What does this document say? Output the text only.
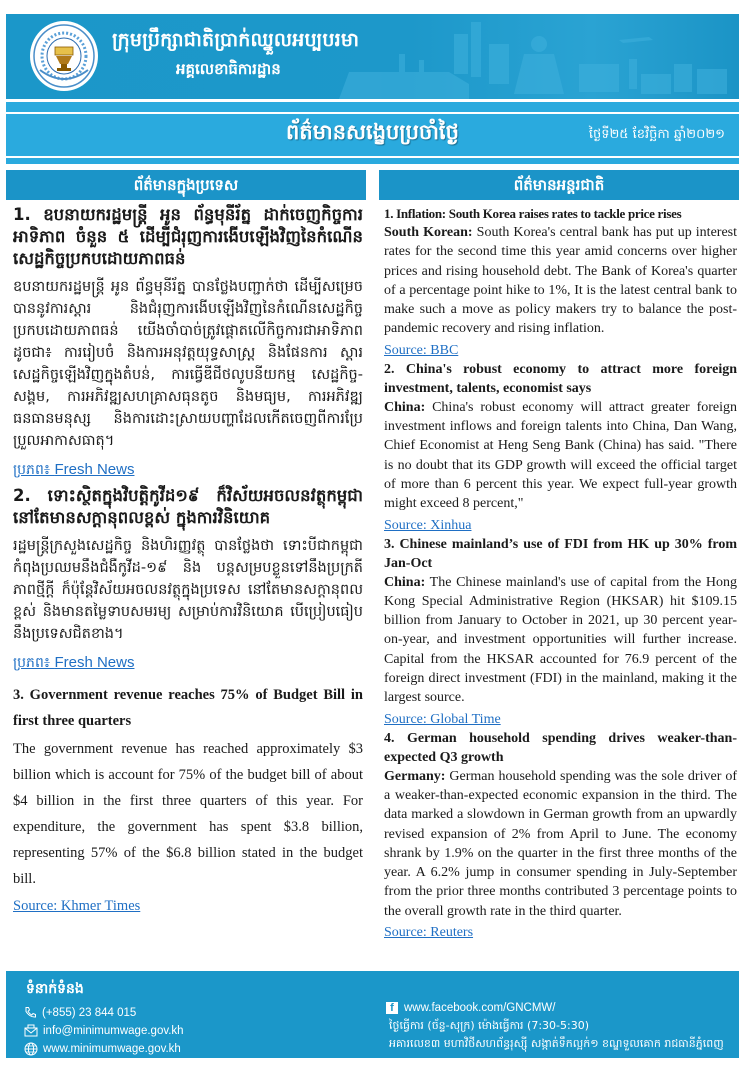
ក្រុមប្រឹក្សាជាតិប្រាក់ឈ្នួលអប្បបរមា
អគ្គលេខាធិការដ្ឋាន
ព័ត៌មានសង្ខេបប្រចាំថ្ងៃ	ថ្ងៃទី២៥ ខែវិច្ឆិកា ឆ្នាំ២០២១
ព័ត៌មានក្នុងប្រទេស
1. ឧបនាយករដ្ឋមន្ត្រី អូន ព័ន្ធមុនីរ័ត្ន ដាក់ចេញកិច្ចការអាទិភាព ចំនួន ៥ ដើម្បីជំរុញការងើបឡើងវិញនៃកំណើនសេដ្ឋកិច្ចប្រកបដោយភាពធន់
ឧបនាយករដ្ឋមន្ត្រី អូន ព័ន្ធមុនីរ័ត្ន បានថ្លែងបញ្ជាក់ថា ដើម្បីសម្រេចបាននូវការស្តារ និងជំរុញការងើបឡើងវិញនៃកំណើនសេដ្ឋកិច្ច ប្រកបដោយភាពធន់ យើងចាំបាច់ត្រូវផ្តោតលើកិច្ចការជាអាទិភាពដូចជា៖ ការរៀបចំ និងការអនុវត្តយុទ្ធសាស្ត្រ និងផែនការ ស្តារសេដ្ឋកិច្ចឡើងវិញក្នុងតំបន់, ការធ្វើឌីជីថលូបនីយកម្ម សេដ្ឋកិច្ច-សង្គម, ការអភិវឌ្ឍសហគ្រាសធុនតូច និងមធ្យម, ការអភិវឌ្ឍធនធានមនុស្ស និងការដោះស្រាយបញ្ហាដែលកើតចេញពីការប្រែប្រួលអាកាសធាតុ។
ប្រភព៖ Fresh News
2. ទោះស្ថិតក្នុងវិបត្តិកូវីដ១៩ ក៏វិស័យអចលនវត្ថុកម្ពុជា នៅតែមានសក្តានុពលខ្ពស់ ក្នុងការវិនិយោគ
រដ្ឋមន្ត្រីក្រសួងសេដ្ឋកិច្ច និងហិរញ្ញវត្ថុ បានថ្លែងថា ទោះបីជាកម្ពុជាកំពុងប្រឈមនឹងជំងឺកូវីដ-១៩ និង បន្តសម្របខ្លួនទៅនឹងប្រក្រតីភាពថ្មីក្តី ក៏ប៉ុន្តែវិស័យអចលនវត្ថុក្នុងប្រទេស នៅតែមានសក្តានុពលខ្ពស់ និងមានតម្លៃទាបសមរម្យ សម្រាប់ការវិនិយោគ បើប្រៀបធៀបនឹងប្រទេសជិតខាង។
ប្រភព៖ Fresh News
3. Government revenue reaches 75% of Budget Bill in first three quarters
The government revenue has reached approximately $3 billion which is account for 75% of the budget bill of about $4 billion in the first three quarters of this year. For expenditure, the government has spent $3.8 billion, representing 57% of the $6.8 billion stated in the budget bill.
Source: Khmer Times
ព័ត៌មានអន្តរជាតិ
1. Inflation: South Korea raises rates to tackle price rises
South Korean: South Korea's central bank has put up interest rates for the second time this year amid concerns over higher prices and rising household debt. The Bank of Korea's quarter of a percentage point hike to 1%, It is the latest central bank to make such a move as policy makers try to balance the post-pandemic recovery and rising inflation.
Source: BBC
2. China's robust economy to attract more foreign investment, talents, economist says
China: China's robust economy will attract greater foreign investment inflows and foreign talents into China, Dan Wang, Chief Economist at Heng Seng Bank (China) has said. "There is no doubt that its GDP growth will exceed the official target of more than 6 percent this year. We expect full-year growth might exceed 8 percent,"
Source: Xinhua
3. Chinese mainland’s use of FDI from HK up 30% from Jan-Oct
China: The Chinese mainland's use of capital from the Hong Kong Special Administrative Region (HKSAR) hit $109.15 billion from January to October in 2021, up 30 percent year-on-year, and investment opportunities will further increase. Capital from the HKSAR accounted for 76.9 percent of the foreign direct investment (FDI) in the mainland, making it the largest source.
Source: Global Time
4. German household spending drives weaker-than-expected Q3 growth
Germany: German household spending was the sole driver of a weaker-than-expected economic expansion in the third. The data marked a slowdown in German growth from an upwardly revised expansion of 2% from April to June. The economy shrank by 1.9% on the quarter in the first three months of the year. A 6.2% jump in consumer spending in July-September from the prior three months contributed 3 percentage points to the overall growth rate in the third quarter.
Source: Reuters
ទំនាក់ទំនង
(+855) 23 844 015
info@minimumwage.gov.kh
www.minimumwage.gov.kh
f www.facebook.com/GNCMW/
ថ្ងៃធ្វើការ (ច័ន្ទ-សុក្រ) ម៉ោងធ្វើការ (7:30-5:30)
អគារលេខ៣ មហាវិថីសហព័ន្ធរុស្ស៊ី សង្កាត់ទឹកល្អក់១ ខណ្ឌទួលគោក រាជធានីភ្នំពេញ
